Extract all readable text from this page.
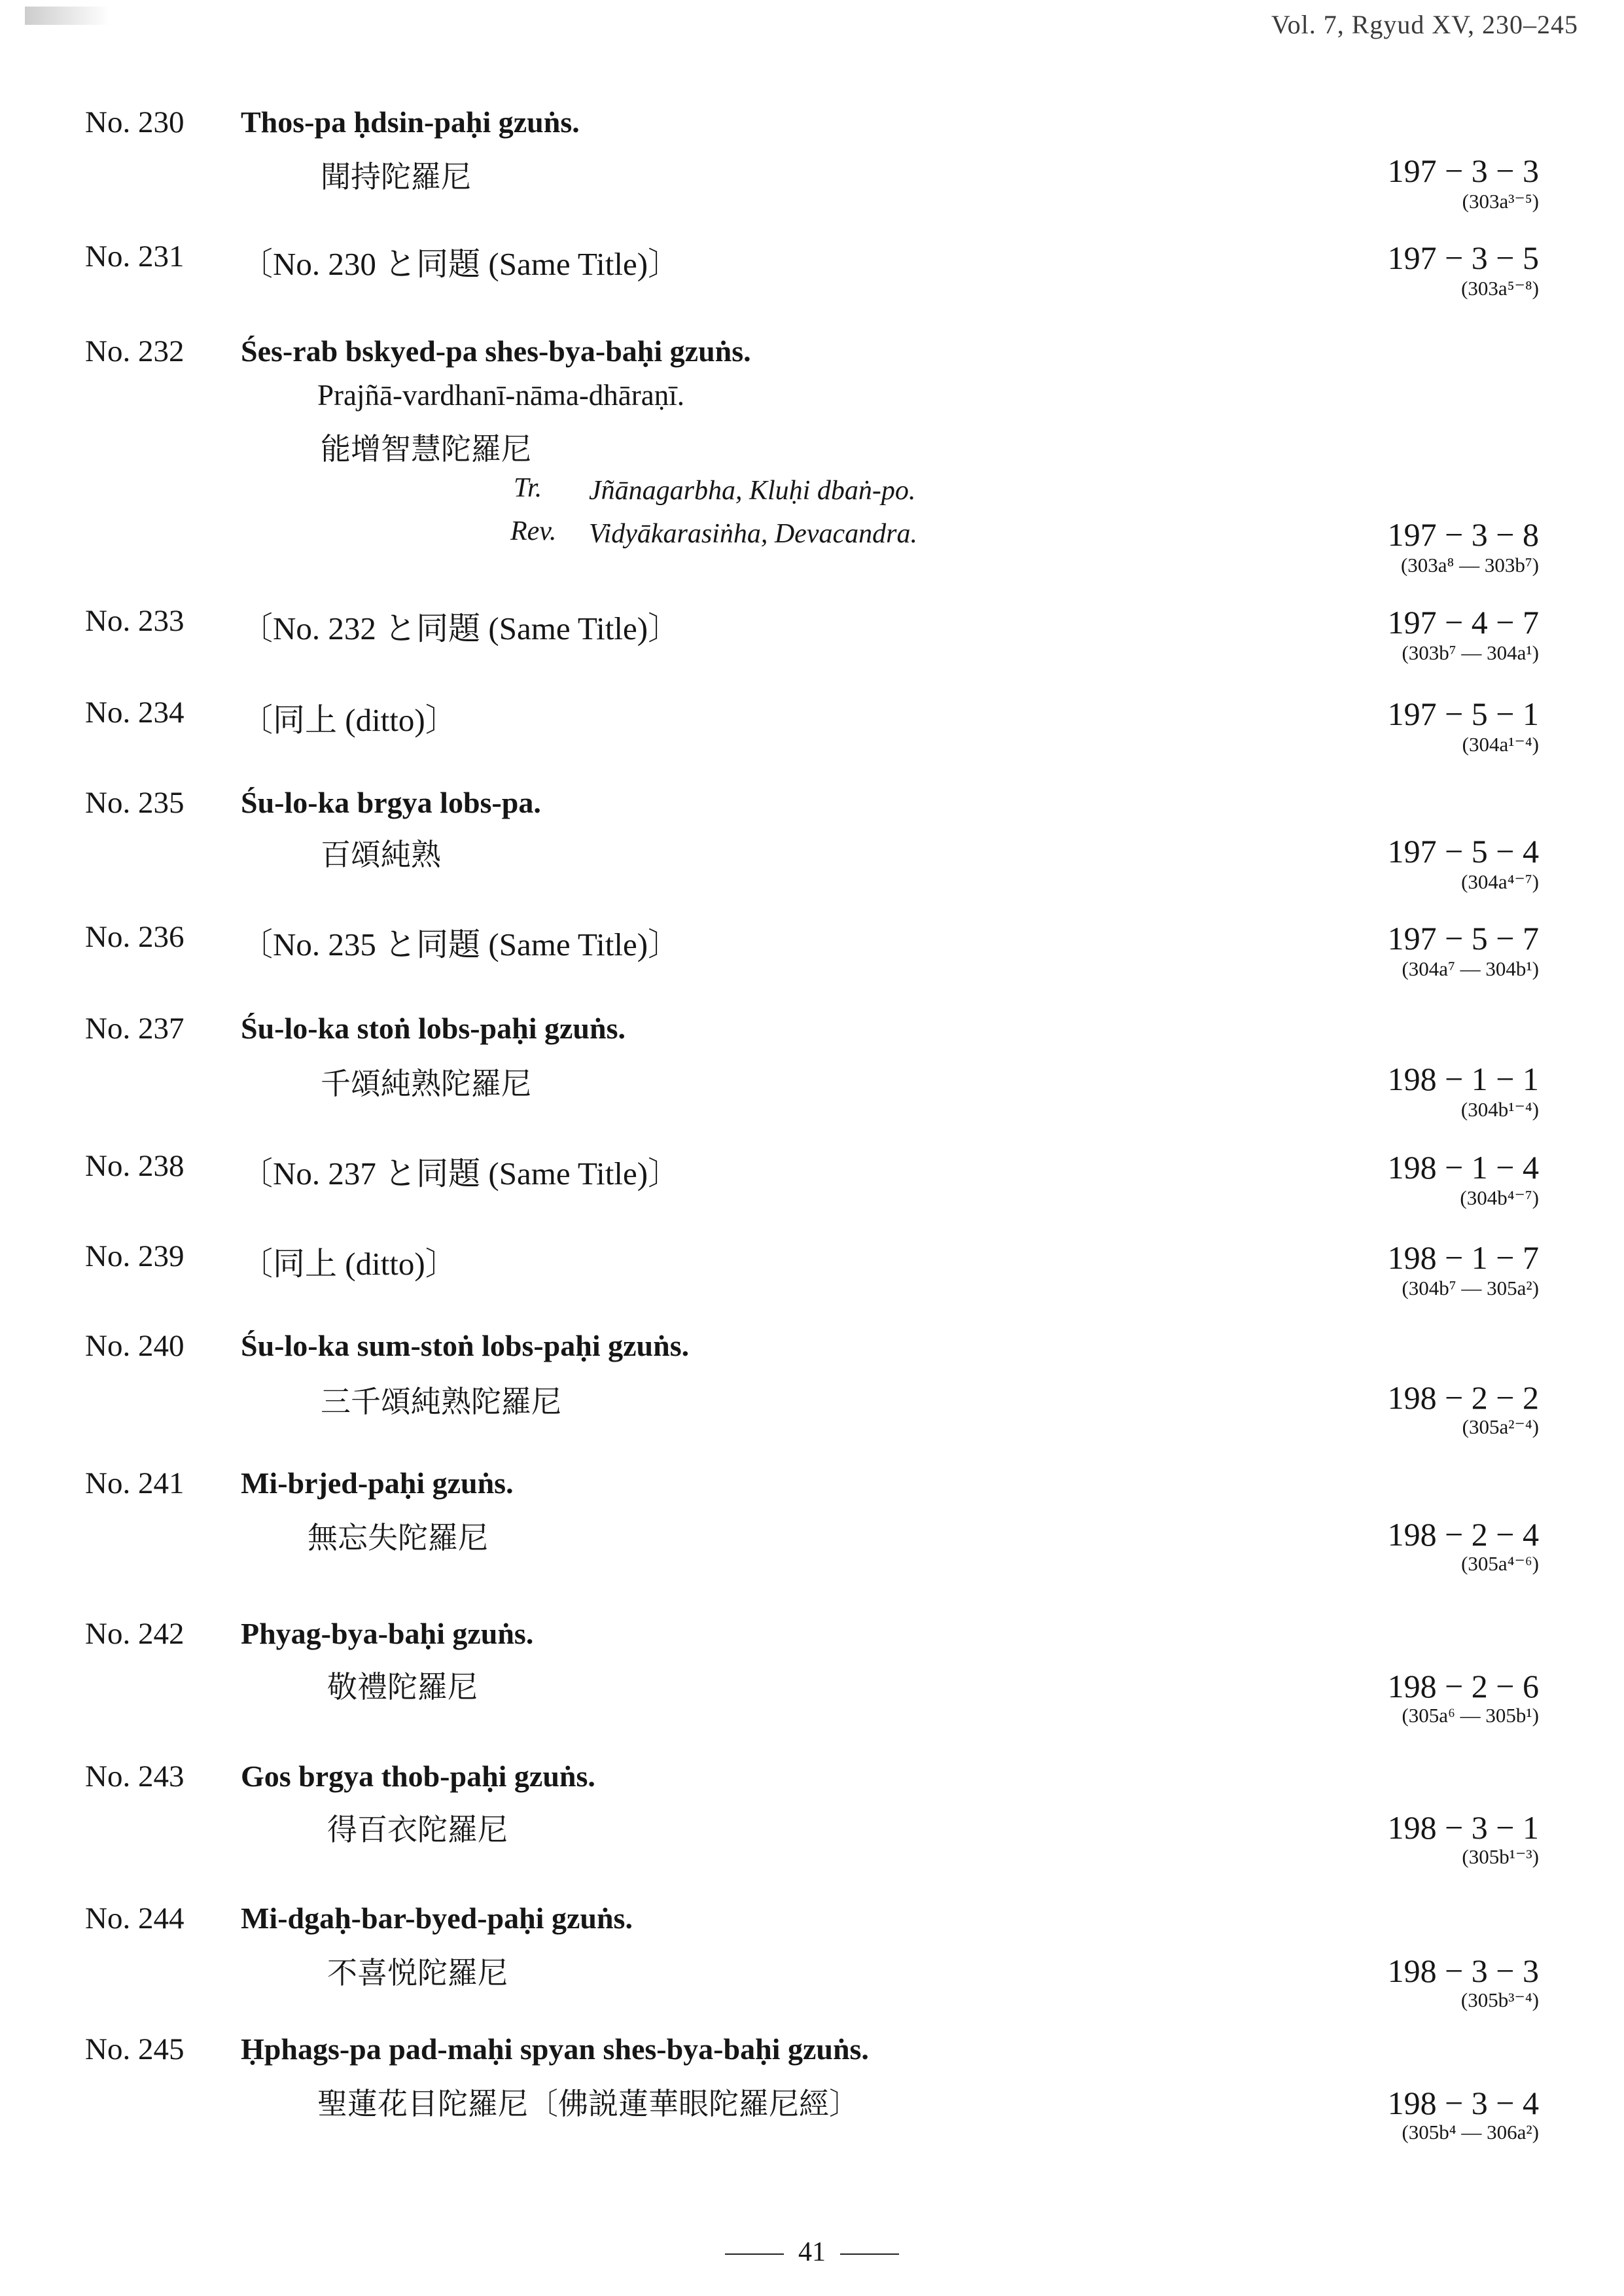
Vol. 7, Rgyud XV, 230–245
No. 230 Thos-pa ḥdsin-paḥi gzuṅs.
聞持陀羅尼	197 − 3 − 3
(303a³⁻⁵)
No. 231 〔No. 230 と同題 (Same Title)〕	197 − 3 − 5
(303a⁵⁻⁸)
No. 232 Śes-rab bskyed-pa shes-bya-baḥi gzuṅs.
Prajñā-vardhanī-nāma-dhāraṇī.
能增智慧陀羅尼
Tr. Jñānagarbha, Kluḥi dbaṅ-po.
Rev. Vidyākarasiṅha, Devacandra.	197 − 3 − 8
(303a⁸ — 303b⁷)
No. 233 〔No. 232 と同題 (Same Title)〕	197 − 4 − 7
(303b⁷ — 304a¹)
No. 234 〔同上 (ditto)〕	197 − 5 − 1
(304a¹⁻⁴)
No. 235 Śu-lo-ka brgya lobs-pa.
百頌純熟	197 − 5 − 4
(304a⁴⁻⁷)
No. 236 〔No. 235 と同題 (Same Title)〕	197 − 5 − 7
(304a⁷ — 304b¹)
No. 237 Śu-lo-ka stoṅ lobs-paḥi gzuṅs.
千頌純熟陀羅尼	198 − 1 − 1
(304b¹⁻⁴)
No. 238 〔No. 237 と同題 (Same Title)〕	198 − 1 − 4
(304b⁴⁻⁷)
No. 239 〔同上 (ditto)〕	198 − 1 − 7
(304b⁷ — 305a²)
No. 240 Śu-lo-ka sum-stoṅ lobs-paḥi gzuṅs.
三千頌純熟陀羅尼	198 − 2 − 2
(305a²⁻⁴)
No. 241 Mi-brjed-paḥi gzuṅs.
無忘失陀羅尼	198 − 2 − 4
(305a⁴⁻⁶)
No. 242 Phyag-bya-baḥi gzuṅs.
敬禮陀羅尼	198 − 2 − 6
(305a⁶ — 305b¹)
No. 243 Gos brgya thob-paḥi gzuṅs.
得百衣陀羅尼	198 − 3 − 1
(305b¹⁻³)
No. 244 Mi-dgaḥ-bar-byed-paḥi gzuṅs.
不喜悦陀羅尼	198 − 3 − 3
(305b³⁻⁴)
No. 245 Ḥphags-pa pad-maḥi spyan shes-bya-baḥi gzuṅs.
聖蓮花目陀羅尼〔佛説蓮華眼陀羅尼經〕	198 − 3 − 4
(305b⁴ — 306a²)
41
